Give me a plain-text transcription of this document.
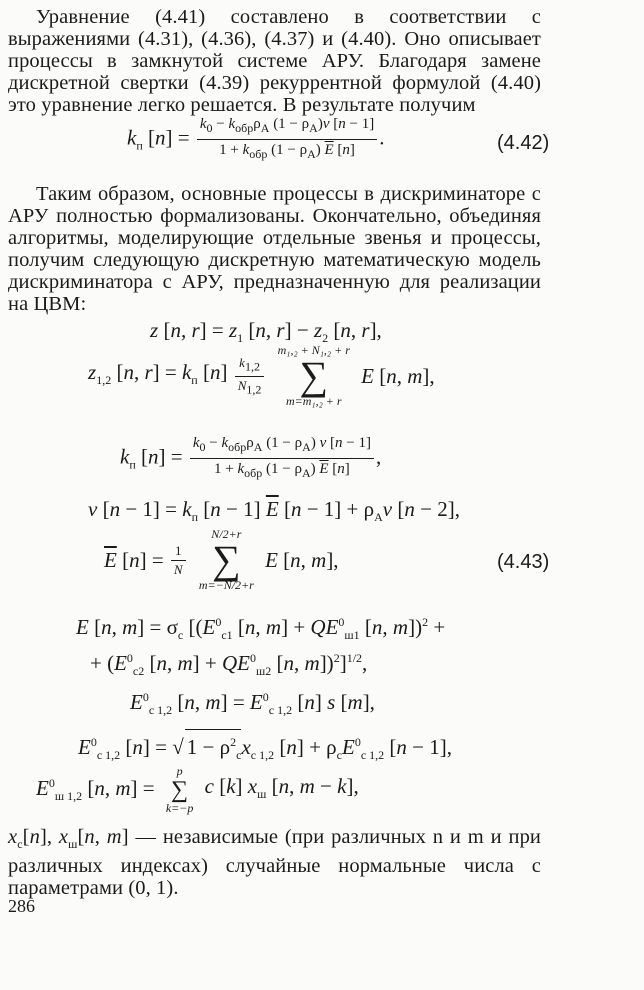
Уравнение (4.41) составлено в соответствии с выражениями (4.31), (4.36), (4.37) и (4.40). Оно описывает процессы в замкнутой системе АРУ. Благодаря замене дискретной свертки (4.39) рекуррентной формулой (4.40) это уравнение легко решается. В результате получим

$k_п$ $[n] = \frac{k_0 - k_{обр}\rho_А (1 - \rho_А)v [n - 1]}{1 + k_{обр} (1 - \rho_А) \overline{E} [n]}$ .	(4.42)

Таким образом, основные процессы в дискриминаторе с АРУ полностью формализованы. Окончательно, объединяя алгоритмы, моделирующие отдельные звенья и процессы, получим следующую дискретную математическую модель дискриминатора с АРУ, предназначенную для реализации на ЦВМ:

z [n, $r] = z_1$ [n, $r] - z_2$ [n, r],
$z_{1,2}$ [n, $r] = k_п$ $[n] \frac{k_{1,2}}{N_{1,2}}$

m₁,₂ + N₁,₂ + r
∑
m=m₁,₂ + r
E [n, m],
$k_п$ $[n] = \frac{k_0 - k_{обр}\rho_А (1 - \rho_А) v [n - 1]}{1 + k_{обр} (1 - \rho_А) \overline{E} [n]}$ ,
v $[n - 1] = k_п$ [n − 1] $\overline{E}$ $[n - 1] + \rho_Аv$ [n − 2],
$\overline{E}$ $[n] = \frac{1}{N}$

N/2+r
∑
m=−N/2+r
E [n, m],	(4.43)
E [n, $m] = \sigma_с$ [($E^0_{с1}$ [n, $m] + QE^0_{ш1}$ [n, m])$^2$ +
+ ($E^0_{с2}$ [n, $m] + QE^0_{ш2}$ [n, m])$^2$]$^{1/2}$,
$E^0_{с 1,2}$ [n, $m] = E^0_{с 1,2}$ [n] s [m],
$E^0_{с 1,2}$ [n] = √ $1 - \rho^2_сx_{с 1,2}$ $[n] + \rho_сE^0_{с 1,2}$ [n − 1],
$E^0_{ш 1,2}$ [n, m] =
p
∑
k=−p
c [k] $x_ш$ [n, m − k],
$x_с[n]$, $x_ш[n$, m] — независимые (при различных n и m и при различных индексах) случайные нормальные числа с параметрами (0, 1).
286
